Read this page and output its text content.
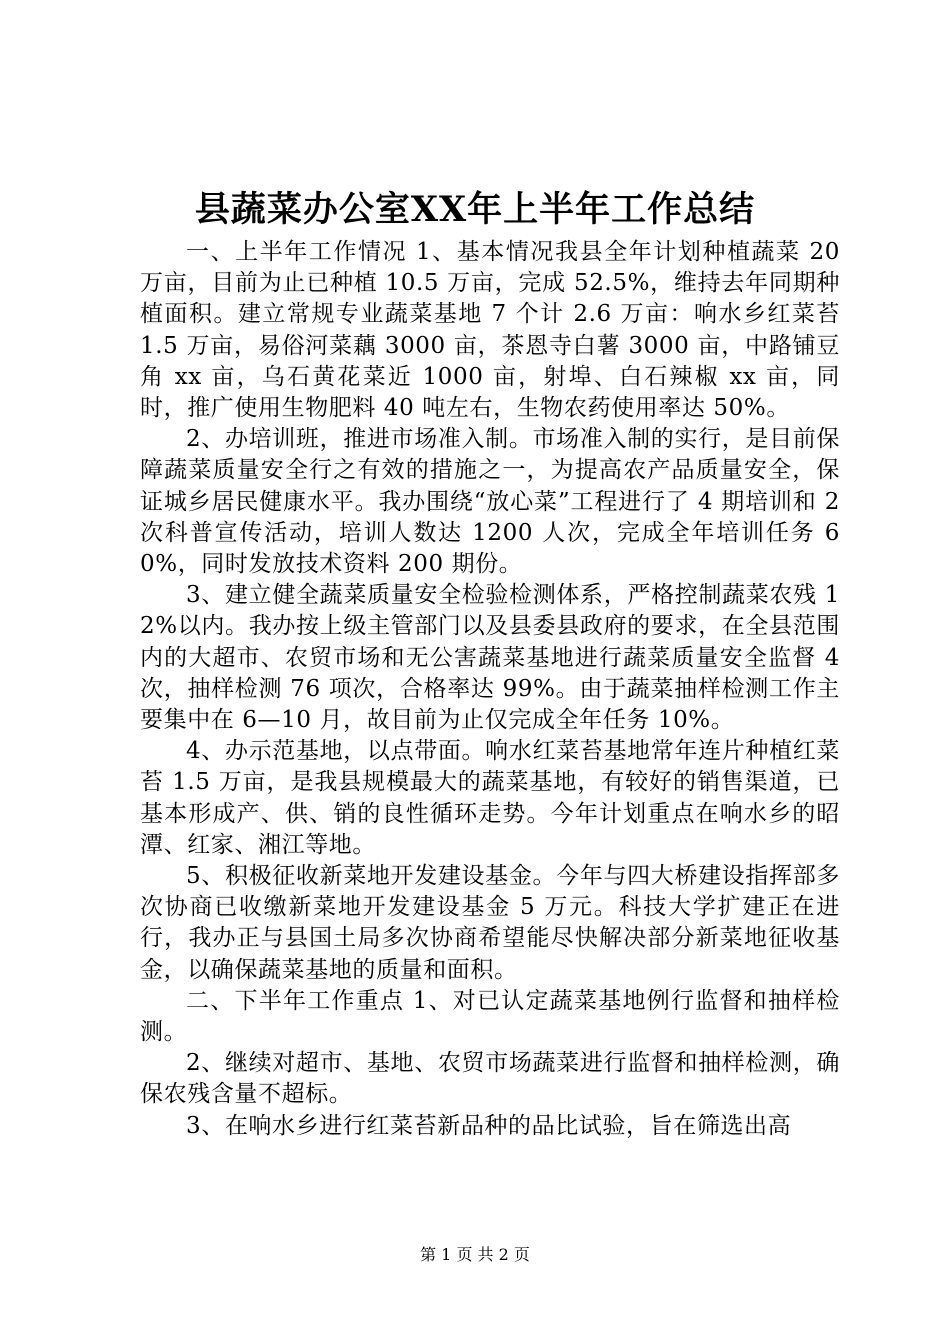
县蔬菜办公室XX年上半年工作总结

一、上半年工作情况 1、基本情况我县全年计划种植蔬菜 20 万亩，目前为止已种植 10.5 万亩，完成 52.5%，维持去年同期种植面积。建立常规专业蔬菜基地 7 个计 2.6 万亩：响水乡红菜苔 1.5 万亩，易俗河菜藕 3000 亩，茶恩寺白薯 3000 亩，中路铺豆角 xx 亩，乌石黄花菜近 1000 亩，射埠、白石辣椒 xx 亩，同时，推广使用生物肥料 40 吨左右，生物农药使用率达 50%。

2、办培训班，推进市场准入制。市场准入制的实行，是目前保障蔬菜质量安全行之有效的措施之一，为提高农产品质量安全，保证城乡居民健康水平。我办围绕“放心菜”工程进行了 4 期培训和 2 次科普宣传活动，培训人数达 1200 人次，完成全年培训任务 60%，同时发放技术资料 200 期份。

3、建立健全蔬菜质量安全检验检测体系，严格控制蔬菜农残 12%以内。我办按上级主管部门以及县委县政府的要求，在全县范围内的大超市、农贸市场和无公害蔬菜基地进行蔬菜质量安全监督 4 次，抽样检测 76 项次，合格率达 99%。由于蔬菜抽样检测工作主要集中在 6—10 月，故目前为止仅完成全年任务 10%。

4、办示范基地，以点带面。响水红菜苔基地常年连片种植红菜苔 1.5 万亩，是我县规模最大的蔬菜基地，有较好的销售渠道，已基本形成产、供、销的良性循环走势。今年计划重点在响水乡的昭潭、红家、湘江等地。

5、积极征收新菜地开发建设基金。今年与四大桥建设指挥部多次协商已收缴新菜地开发建设基金 5 万元。科技大学扩建正在进行，我办正与县国土局多次协商希望能尽快解决部分新菜地征收基金，以确保蔬菜基地的质量和面积。

二、下半年工作重点 1、对已认定蔬菜基地例行监督和抽样检测。

2、继续对超市、基地、农贸市场蔬菜进行监督和抽样检测，确保农残含量不超标。

3、在响水乡进行红菜苔新品种的品比试验，旨在筛选出高

第 1 页 共 2 页
